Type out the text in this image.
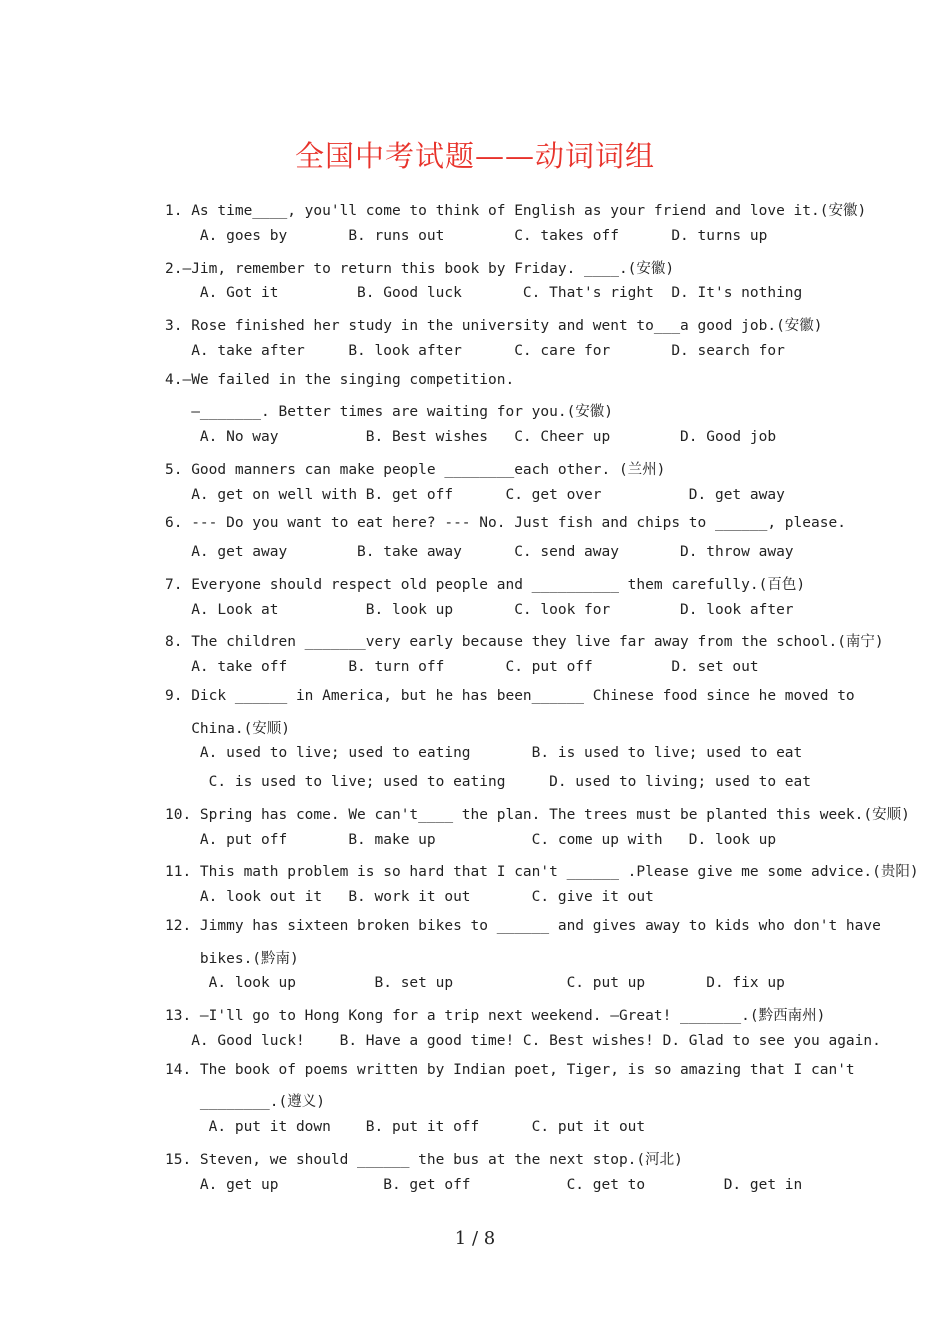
全国中考试题——动词词组
1. As time____, you'll come to think of English as your friend and love it.(安徽)
A. goes by       B. runs out        C. takes off      D. turns up
2.—Jim, remember to return this book by Friday. ____.(安徽)
A. Got it         B. Good luck       C. That's right  D. It's nothing
3. Rose finished her study in the university and went to___a good job.(安徽)
A. take after     B. look after      C. care for       D. search for
4.—We failed in the singing competition.
—_______. Better times are waiting for you.(安徽)
A. No way          B. Best wishes   C. Cheer up        D. Good job
5. Good manners can make people ________each other. (兰州)
A. get on well with B. get off      C. get over          D. get away
6. --- Do you want to eat here? --- No. Just fish and chips to ______, please.
A. get away        B. take away      C. send away       D. throw away
7. Everyone should respect old people and __________ them carefully.(百色)
A. Look at          B. look up       C. look for        D. look after
8. The children _______very early because they live far away from the school.(南宁)
A. take off       B. turn off       C. put off         D. set out
9. Dick ______ in America, but he has been______ Chinese food since he moved to
China.(安顺)
A. used to live; used to eating       B. is used to live; used to eat
C. is used to live; used to eating     D. used to living; used to eat
10. Spring has come. We can't____ the plan. The trees must be planted this week.(安顺)
A. put off       B. make up           C. come up with   D. look up
11. This math problem is so hard that I can't ______ .Please give me some advice.(贵阳)
A. look out it   B. work it out       C. give it out
12. Jimmy has sixteen broken bikes to ______ and gives away to kids who don't have
bikes.(黔南)
A. look up         B. set up             C. put up       D. fix up
13. —I'll go to Hong Kong for a trip next weekend. —Great! _______.(黔西南州)
A. Good luck!    B. Have a good time! C. Best wishes! D. Glad to see you again.
14. The book of poems written by Indian poet, Tiger, is so amazing that I can't
________.(遵义)
A. put it down    B. put it off      C. put it out
15. Steven, we should ______ the bus at the next stop.(河北)
A. get up            B. get off           C. get to         D. get in
1 / 8
